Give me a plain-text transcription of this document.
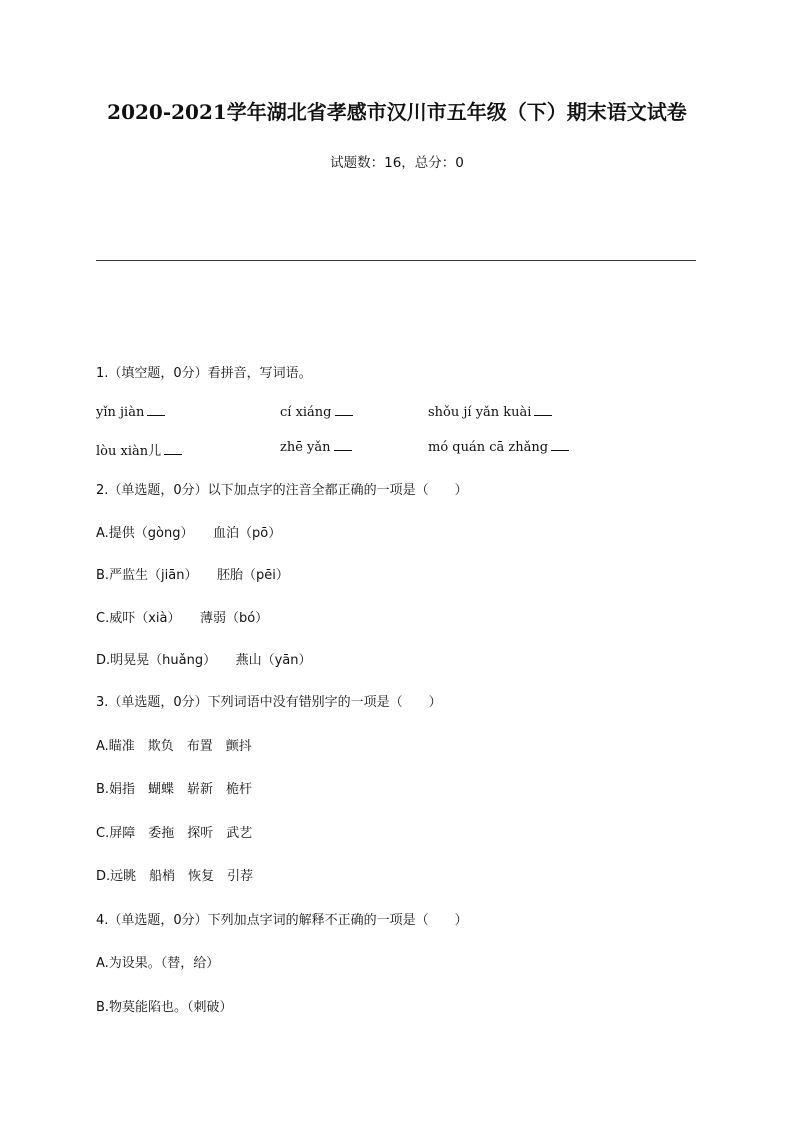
2020-2021学年湖北省孝感市汉川市五年级（下）期末语文试卷
试题数：16，总分：0
1.（填空题，0分）看拼音，写词语。
yǐn jiàn	cí xiáng	shǒu jí yǎn kuài
lòu xiàn儿	zhē yǎn	mó quán cā zhǎng
2.（单选题，0分）以下加点字的注音全都正确的一项是（　　）
A.提供（gòng）　　血泊（pō）
B.严监生（jiān）　　胚胎（pēi）
C.威吓（xià）　　薄弱（bó）
D.明晃晃（huǎng）　　燕山（yān）
3.（单选题，0分）下列词语中没有错别字的一项是（　　）
A.瞄准　欺负　布置　颤抖
B.娟指　蝴蝶　崭新　桅杆
C.屏障　委拖　探听　武艺
D.远眺　船梢　恢复　引荐
4.（单选题，0分）下列加点字词的解释不正确的一项是（　　）
A.为设果。（替，给）
B.物莫能陷也。（刺破）
